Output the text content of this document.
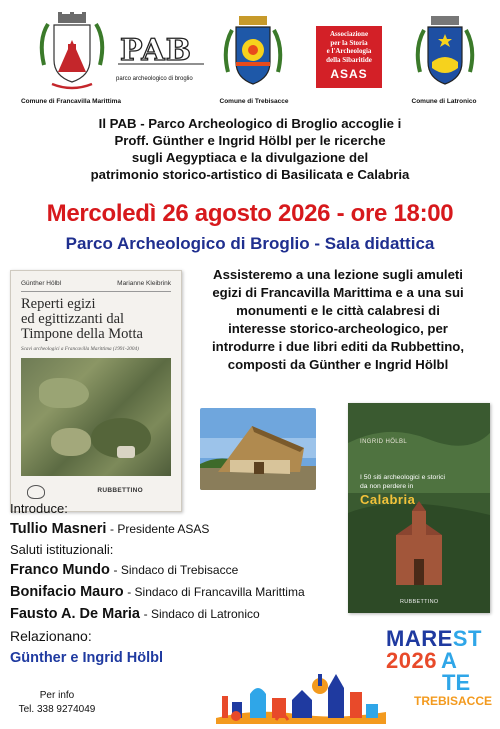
Comune di Francavilla Marittima
PAB
parco archeologico di broglio
Comune di Trebisacce
Associazione
per la Storia
e l'Archeologia
della Sibaritide
ASAS
Comune di Latronico
Il PAB - Parco Archeologico di Broglio accoglie i
Proff. Günther e Ingrid Hölbl per le ricerche
sugli Aegyptiaca e la divulgazione del
patrimonio storico-artistico di Basilicata e Calabria
Mercoledì 26 agosto 2026 - ore 18:00
Parco Archeologico di Broglio - Sala didattica
Assisteremo a una lezione sugli amuleti
egizi di Francavilla Marittima e a una sui
monumenti e le città calabresi di
interesse storico-archeologico, per
introdurre i due libri editi da Rubbettino,
composti da Günther e Ingrid Hölbl
Günther Hölbl	Marianne Kleibrink
Reperti egizi
ed egittizzanti dal
Timpone della Motta
Scavi archeologici a Francavilla Marittima (1991-2004)
RUBBETTINO
INGRID HÖLBL
I 50 siti archeologici e storici
da non perdere in
Calabria
RUBBETTINO
Introduce:
Tullio Masneri - Presidente ASAS
Saluti istituzionali:
Franco Mundo - Sindaco di Trebisacce
Bonifacio Mauro - Sindaco di Francavilla Marittima
Fausto A. De Maria - Sindaco di Latronico
Relazionano:
Günther e Ingrid Hölbl
Per info
Tel. 338 9274049
MAREST
2026 A
TE
TREBISACCE
